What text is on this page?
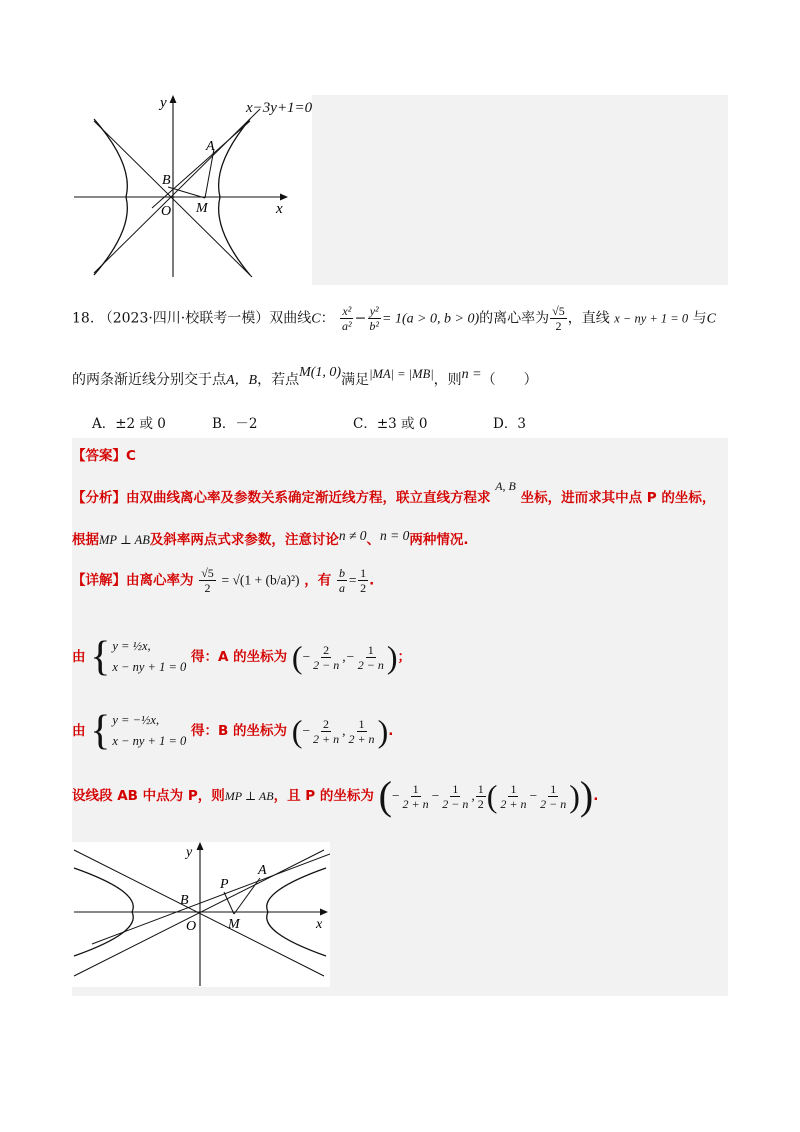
y
x
A
B
O M
x−3y+1=0
18. （2023·四川·校联考一模）双曲线C： $\frac{\text{x²}}{\text{a²}} - \frac{\text{y²}}{\text{b²}} = 1(a > 0$, b > 0)的离心率为 $\frac{√5}{2}$ ，直线 x − ny + 1 = 0 与C
的两条渐近线分别交于点A，B，若点M(1, 0)满足|MA| = |MB|，则n =（　　）
A．±2 或 0	B．－2	C．±3 或 0	D．3
【答案】C
【分析】由双曲线离心率及参数关系确定渐近线方程，联立直线方程求 A, B 坐标，进而求其中点 P 的坐标，
根据MP ⊥ AB及斜率两点式求参数，注意讨论n ≠ 0、n = 0两种情况.
【详解】由离心率为 $\frac{√5}{2} = √(1 + (b/a)^2)$ ，有 $\frac{b}{a} = \frac{1}{2}$ .
由 { y = ½x,
x − ny + 1 = 0
得：A 的坐标为 (− $\frac{2}{2 - n}$ ,− $\frac{1}{2 - n}$ )；
由 { y = −½x,
x − ny + 1 = 0
得：B 的坐标为 (− $\frac{2}{2 + n}$ , $\frac{1}{2 + n}$ ).
设线段 AB 中点为 P，则MP ⊥ AB，且 P 的坐标为 (− $\frac{1}{2 + n} - \frac{1}{2 - n}$ , $\frac{1}{2}$ ( $\frac{1}{2 + n} - \frac{1}{2 - n}$ )).
y
x
A
B
O M
P
